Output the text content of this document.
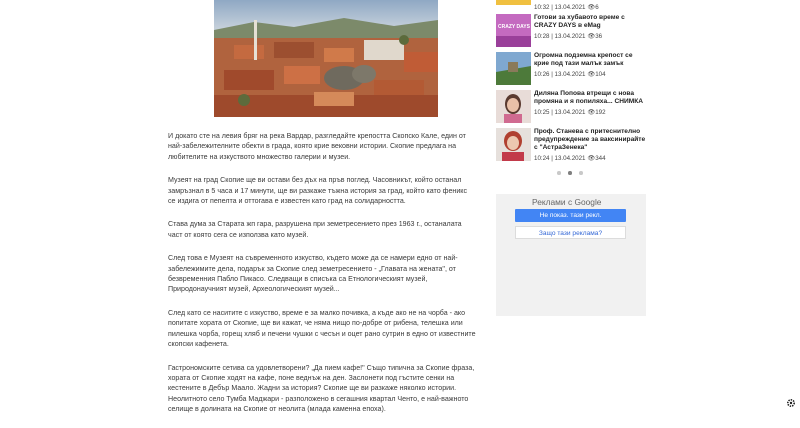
И докато сте на левия бряг на река Вардар, разгледайте крепостта Скопско Кале, един от най-забележителните обекти в града, която крие вековни истории. Скопие предлага на любителите на изкуството множество галерии и музеи.

Музеят на град Скопие ще ви остави без дъх на пръв поглед. Часовникът, който останал замръзнал в 5 часа и 17 минути, ще ви разкаже тъжна история за град, който като феникс се издига от пепелта и оттогава е известен като град на солидарността.

Става дума за Старата жп гара, разрушена при земетресението през 1963 г., останалата част от която сега се използва като музей.

След това е Музеят на съвременното изкуство, където може да се намери едно от най-забележимите дела, подарък за Скопие след земетресението - „Главата на жената", от безвременния Пабло Пикасо. Следващи в списъка са Етнологическият музей, Природонаучният музей, Археологическият музей...

След като се наситите с изкуство, време е за малко почивка, а къде ако не на чорба - ако попитате хората от Скопие, ще ви кажат, че няма нищо по-добре от рибена, телешка или пилешка чорба, горещ хляб и печени чушки с чесън и оцет рано сутрин в едно от известните скопски кафенета.

Гастрономските сетива са удовлетворени? „Да пием кафе!" Също типична за Скопие фраза, хората от Скопие ходят на кафе, поне веднъж на ден. Заслонети под гъстите сенки на кестените в Дебър Маало. Жадни за история? Скопие ще ви разкаже няколко истории. Неолитното село Тумба Маджари - разположено в сегашния квартал Ченто, е най-важното селище в долината на Скопие от неолита (млада каменна епоха).

10:32 | 13.04.2021 👁︎6
CRAZY DAYS
Готови за хубавото време с CRAZY DAYS в eMag
10:28 | 13.04.2021 👁︎36
Огромна подземна крепост се крие под тази малък замък
10:26 | 13.04.2021 👁︎104
Диляна Попова втрещи с нова промяна и я попиляха... СНИМКА
10:25 | 13.04.2021 👁︎192
Проф. Станева с притеснително предупреждение за ваксинирайте с "АстраЗенека"
10:24 | 13.04.2021 👁︎344
Реклами с Google
Не показ. тази рекл.
Защо тази реклама?
